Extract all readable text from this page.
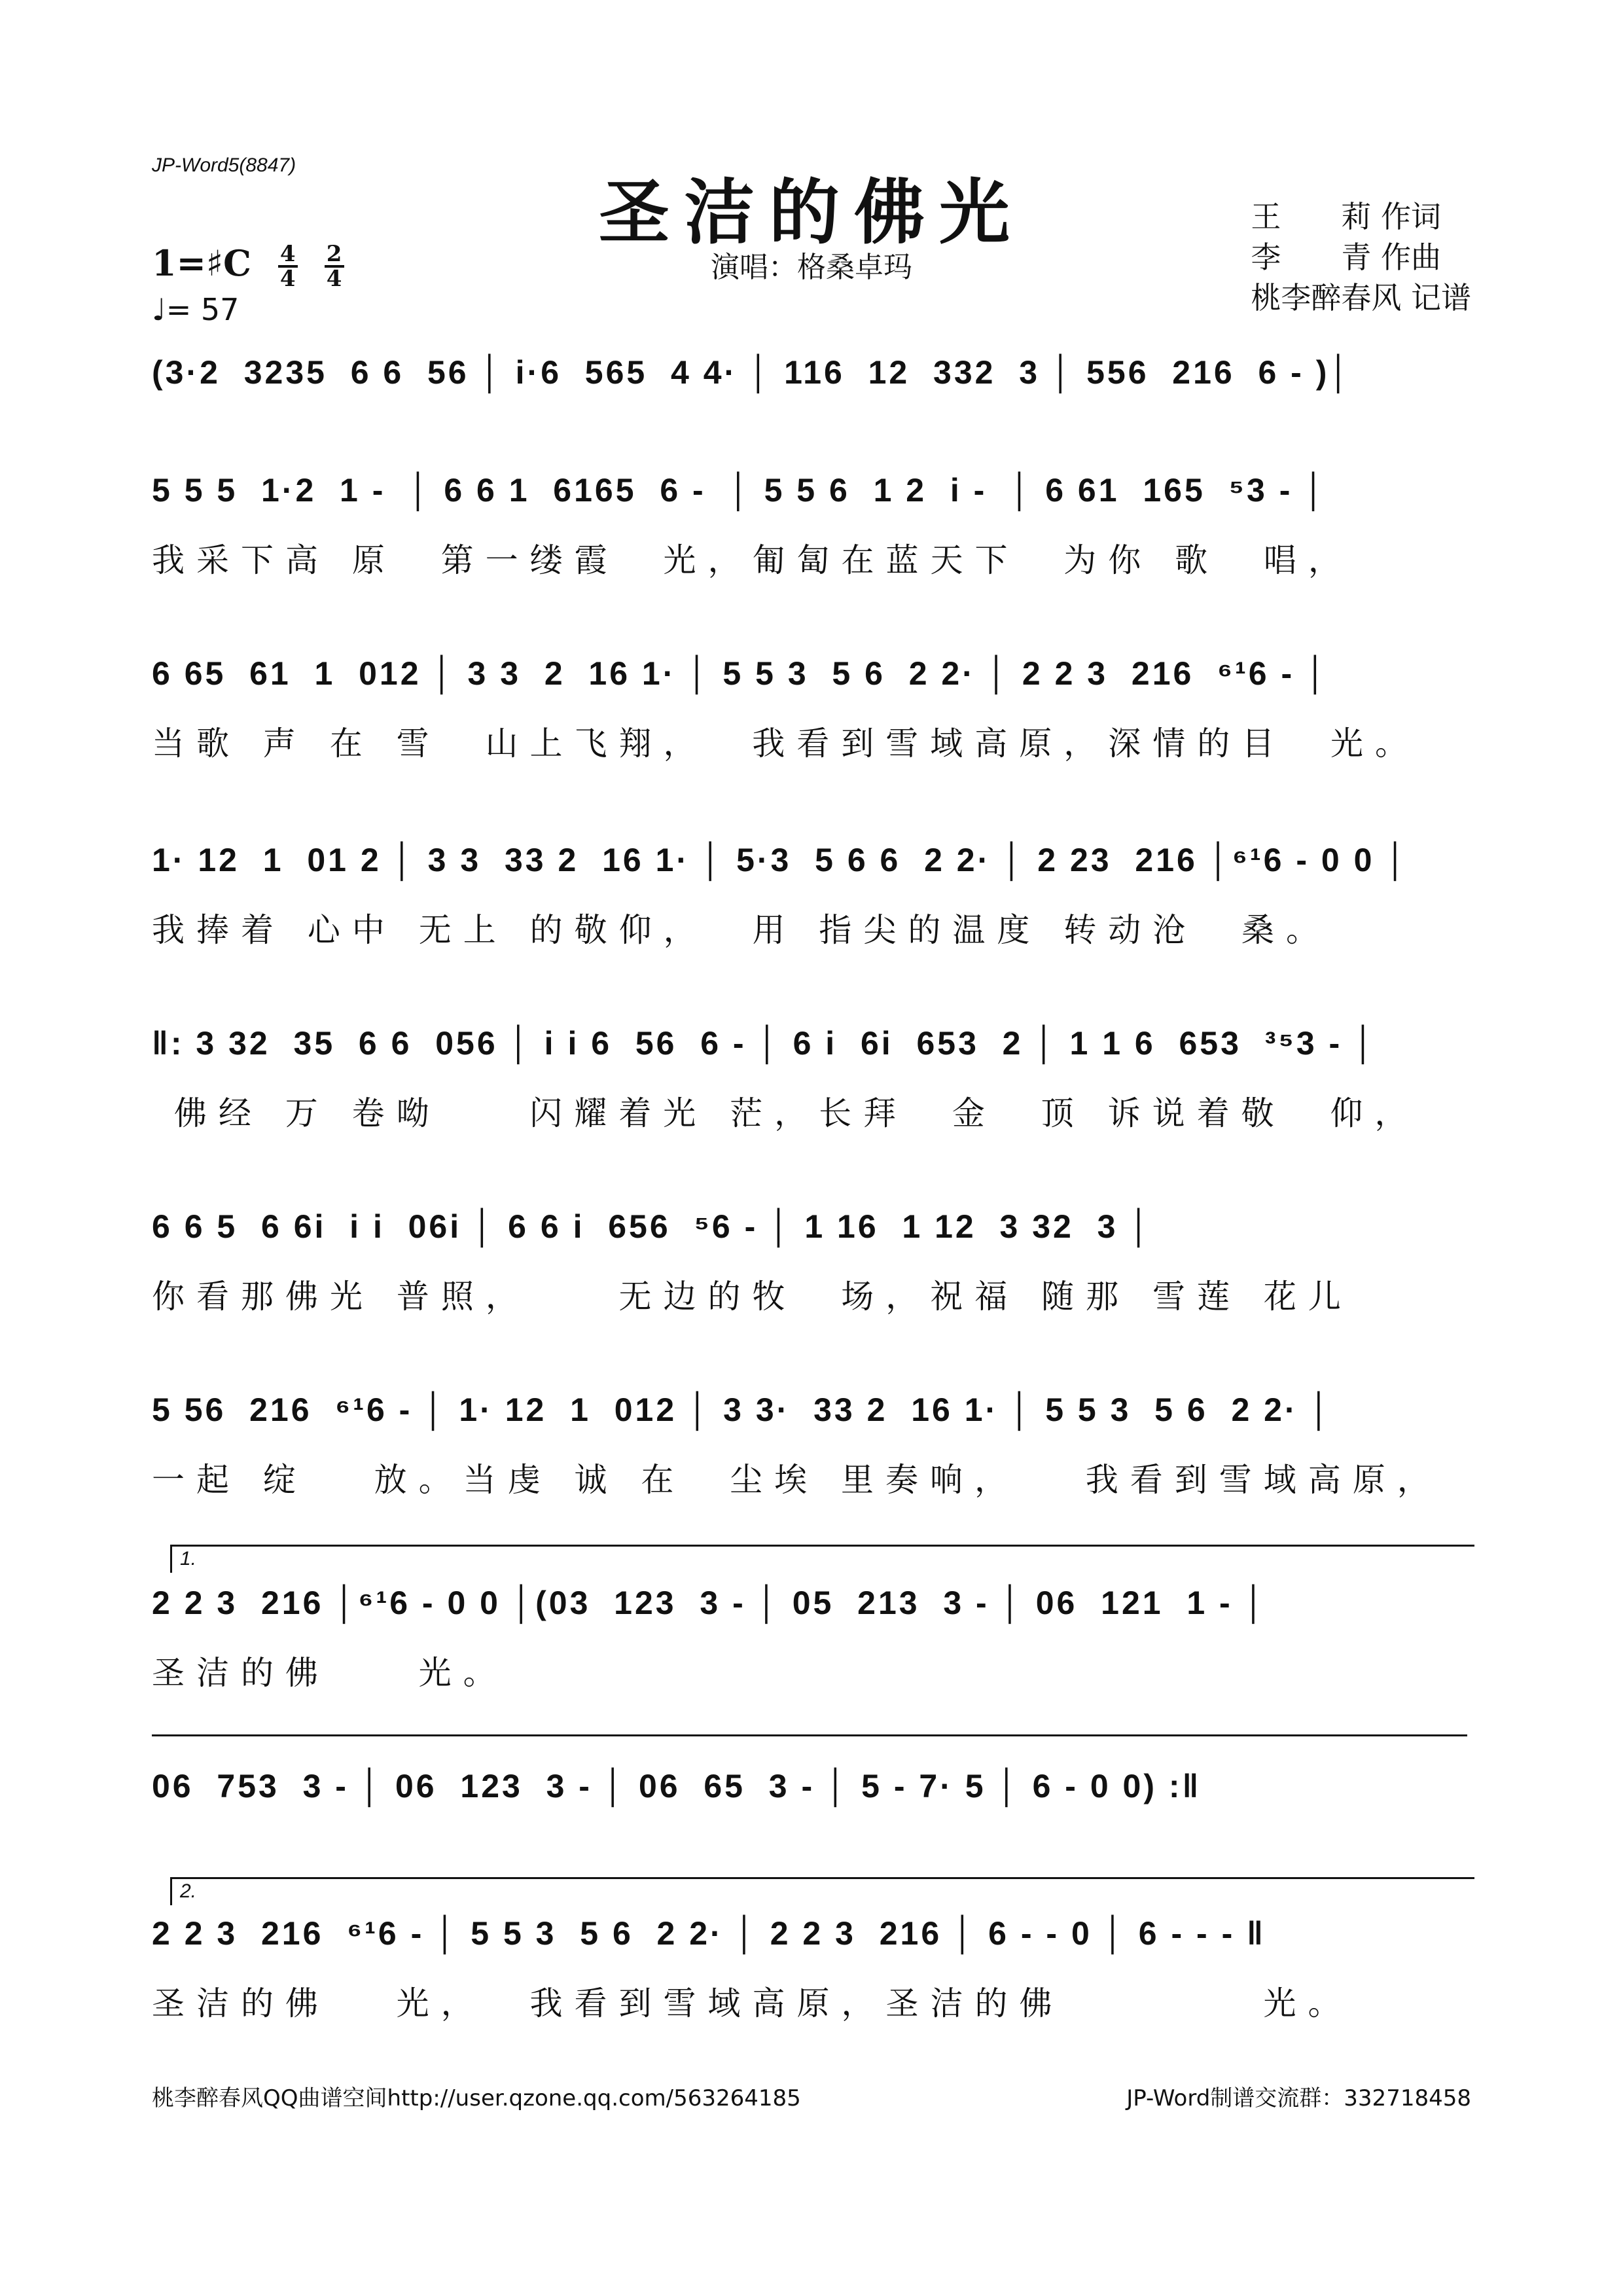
JP-Word5(8847)
圣洁的佛光
演唱：格桑卓玛
王　　莉 作词
李　　青 作曲
桃李醉春风 记谱
1=♯C $\frac{4}{4}$
$\frac{2}{4}$
♩= 57
(3·2  3235  6 6  56 │ i·6  565  4 4· │ 116  12  332  3 │ 556  216  6 - )│
5 5 5  1·2  1 -  │ 6 6 1  6165  6 -  │ 5 5 6  1 2  i -  │ 6 61  165  ⁵3 - │
我采下高 原  第一缕霞  光，匍匐在蓝天下  为你 歌  唱，
6 65  61  1  012 │ 3 3  2  16 1· │ 5 5 3  5 6  2 2· │ 2 2 3  216  ⁶¹6 - │
当歌 声 在 雪  山上飞翔，  我看到雪域高原，深情的目  光。
1· 12  1  01 2 │ 3 3  33 2  16 1· │ 5·3  5 6 6  2 2· │ 2 23  216 │⁶¹6 - 0 0 │
我捧着 心中 无上 的敬仰，  用 指尖的温度 转动沧  桑。
‖: 3 32  35  6 6  056 │ i i 6  56  6 - │ 6 i  6i  653  2 │ 1 1 6  653  ³⁵3 - │
佛经 万 卷呦    闪耀着光 茫，长拜  金  顶 诉说着敬  仰，
6 6 5  6 6i  i i  06i │ 6 6 i  656  ⁵6 - │ 1 16  1 12  3 32  3 │
你看那佛光 普照，    无边的牧  场，祝福 随那 雪莲 花儿
5 56  216  ⁶¹6 - │ 1· 12  1  012 │ 3 3·  33 2  16 1· │ 5 5 3  5 6  2 2· │
一起 绽   放。当虔 诚 在  尘埃 里奏响，   我看到雪域高原，
1.
2 2 3  216 │⁶¹6 - 0 0 │(03  123  3 - │ 05  213  3 - │ 06  121  1 - │
圣洁的佛    光。
06  753  3 - │ 06  123  3 - │ 06  65  3 - │ 5 - 7· 5 │ 6 - 0 0) :‖
2.
2 2 3  216  ⁶¹6 - │ 5 5 3  5 6  2 2· │ 2 2 3  216 │ 6 - - 0 │ 6 - - - ‖
圣洁的佛   光，  我看到雪域高原，圣洁的佛         光。
桃李醉春风QQ曲谱空间http://user.qzone.qq.com/563264185	JP-Word制谱交流群：332718458
